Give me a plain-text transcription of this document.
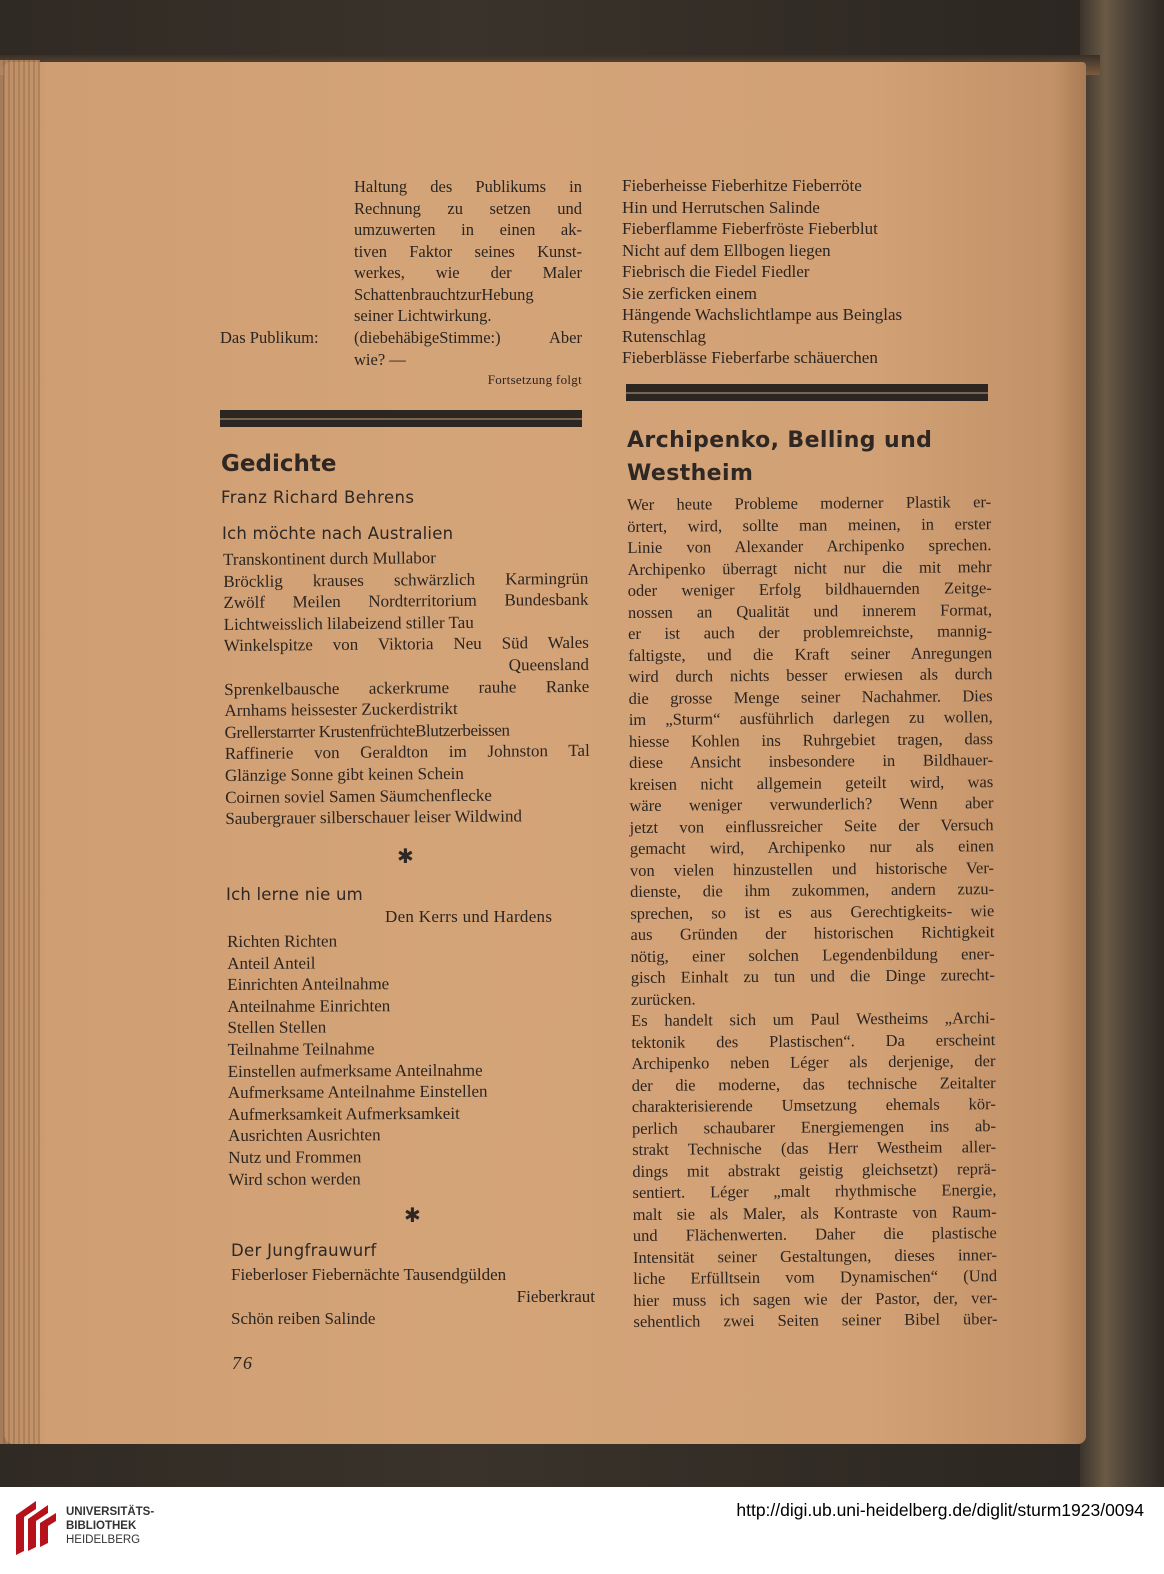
Haltung des Publikums in
Rechnung zu setzen und
umzuwerten in einen ak-
tiven Faktor seines Kunst-
werkes, wie der Maler
SchattenbrauchtzurHebung
seiner Lichtwirkung.
Das Publikum: (diebehäbigeStimme:) Aber
wie? —
Fortsetzung folgt
Gedichte
Franz Richard Behrens
Ich möchte nach Australien
Transkontinent durch Mullabor
Bröcklig krauses schwärzlich Karmingrün
Zwölf Meilen Nordterritorium Bundesbank
Lichtweisslich lilabeizend stiller Tau
Winkelspitze von Viktoria Neu Süd Wales
Queensland
Sprenkelbausche ackerkrume rauhe Ranke
Arnhams heissester Zuckerdistrikt
Grellerstarrter KrustenfrüchteBlutzerbeissen
Raffinerie von Geraldton im Johnston Tal
Glänzige Sonne gibt keinen Schein
Coirnen soviel Samen Säumchenflecke
Saubergrauer silberschauer leiser Wildwind
✱
Ich lerne nie um
Den Kerrs und Hardens
Richten Richten
Anteil Anteil
Einrichten Anteilnahme
Anteilnahme Einrichten
Stellen Stellen
Teilnahme Teilnahme
Einstellen aufmerksame Anteilnahme
Aufmerksame Anteilnahme Einstellen
Aufmerksamkeit Aufmerksamkeit
Ausrichten Ausrichten
Nutz und Frommen
Wird schon werden
✱
Der Jungfrauwurf
Fieberloser Fiebernächte Tausendgülden
Fieberkraut
Schön reiben Salinde
76
Fieberheisse Fieberhitze Fieberröte
Hin und Herrutschen Salinde
Fieberflamme Fieberfröste Fieberblut
Nicht auf dem Ellbogen liegen
Fiebrisch die Fiedel Fiedler
Sie zerficken einem
Hängende Wachslichtlampe aus Beinglas
Rutenschlag
Fieberblässe Fieberfarbe schäuerchen
Archipenko, Belling und
Westheim
Wer heute Probleme moderner Plastik er-
örtert, wird, sollte man meinen, in erster
Linie von Alexander Archipenko sprechen.
Archipenko überragt nicht nur die mit mehr
oder weniger Erfolg bildhauernden Zeitge-
nossen an Qualität und innerem Format,
er ist auch der problemreichste, mannig-
faltigste, und die Kraft seiner Anregungen
wird durch nichts besser erwiesen als durch
die grosse Menge seiner Nachahmer. Dies
im „Sturm“ ausführlich darlegen zu wollen,
hiesse Kohlen ins Ruhrgebiet tragen, dass
diese Ansicht insbesondere in Bildhauer-
kreisen nicht allgemein geteilt wird, was
wäre weniger verwunderlich? Wenn aber
jetzt von einflussreicher Seite der Versuch
gemacht wird, Archipenko nur als einen
von vielen hinzustellen und historische Ver-
dienste, die ihm zukommen, andern zuzu-
sprechen, so ist es aus Gerechtigkeits- wie
aus Gründen der historischen Richtigkeit
nötig, einer solchen Legendenbildung ener-
gisch Einhalt zu tun und die Dinge zurecht-
zurücken.
Es handelt sich um Paul Westheims „Archi-
tektonik des Plastischen“. Da erscheint
Archipenko neben Léger als derjenige, der
der die moderne, das technische Zeitalter
charakterisierende Umsetzung ehemals kör-
perlich schaubarer Energiemengen ins ab-
strakt Technische (das Herr Westheim aller-
dings mit abstrakt geistig gleichsetzt) reprä-
sentiert. Léger „malt rhythmische Energie,
malt sie als Maler, als Kontraste von Raum-
und Flächenwerten. Daher die plastische
Intensität seiner Gestaltungen, dieses inner-
liche Erfülltsein vom Dynamischen“ (Und
hier muss ich sagen wie der Pastor, der, ver-
sehentlich zwei Seiten seiner Bibel über-
UNIVERSITÄTS-
BIBLIOTHEK
HEIDELBERG
http://digi.ub.uni-heidelberg.de/diglit/sturm1923/0094
